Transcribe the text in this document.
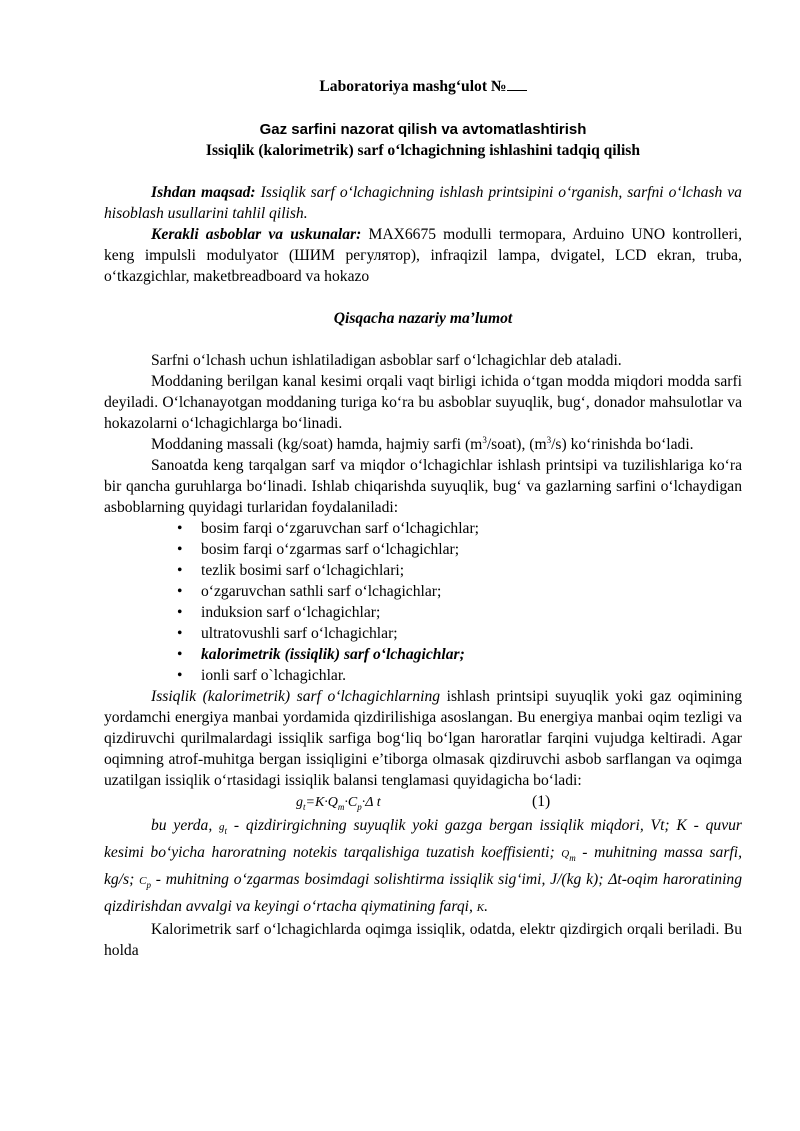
Laboratoriya mashg‘ulot №

Gaz sarfini nazorat qilish va avtomatlashtirish

Issiqlik (kalorimetrik) sarf o‘lchagichning ishlashini tadqiq qilish

Ishdan maqsad: Issiqlik sarf o‘lchagichning ishlash printsipini o‘rganish, sarfni o‘lchash va hisoblash usullarini tahlil qilish.

Kerakli asboblar va uskunalar: MAX6675 modulli termopara, Arduino UNO kontrolleri, keng impulsli modulyator (ШИМ регулятор), infraqizil lampa, dvigatel, LCD ekran, truba, o‘tkazgichlar, maketbreadboard va hokazo

Qisqacha nazariy ma’lumot

Sarfni o‘lchash uchun ishlatiladigan asboblar sarf o‘lchagichlar deb ataladi.

Moddaning berilgan kanal kesimi orqali vaqt birligi ichida o‘tgan modda miqdori modda sarfi deyiladi. O‘lchanayotgan moddaning turiga ko‘ra bu asboblar suyuqlik, bug‘, donador mahsulotlar va hokazolarni o‘lchagichlarga bo‘linadi.

Moddaning massali (kg/soat) hamda, hajmiy sarfi $(m^3/soat)$, $(m^3/s)$ ko‘rinishda bo‘ladi.

Sanoatda keng tarqalgan sarf va miqdor o‘lchagichlar ishlash printsipi va tuzilishlariga ko‘ra bir qancha guruhlarga bo‘linadi. Ishlab chiqarishda suyuqlik, bug‘ va gazlarning sarfini o‘lchaydigan asboblarning quyidagi turlaridan foydalaniladi:

• bosim farqi o‘zgaruvchan sarf o‘lchagichlar;
• bosim farqi o‘zgarmas sarf o‘lchagichlar;
• tezlik bosimi sarf o‘lchagichlari;
• o‘zgaruvchan sathli sarf o‘lchagichlar;
• induksion sarf o‘lchagichlar;
• ultratovushli sarf o‘lchagichlar;
• kalorimetrik (issiqlik) sarf o‘lchagichlar;
• ionli sarf o`lchagichlar.

Issiqlik (kalorimetrik) sarf o‘lchagichlarning ishlash printsipi suyuqlik yoki gaz oqimining yordamchi energiya manbai yordamida qizdirilishiga asoslangan. Bu energiya manbai oqim tezligi va qizdiruvchi qurilmalardagi issiqlik sarfiga bog‘liq bo‘lgan haroratlar farqini vujudga keltiradi. Agar oqimning atrof-muhitga bergan issiqligini e’tiborga olmasak qizdiruvchi asbob sarflangan va oqimga uzatilgan issiqlik o‘rtasidagi issiqlik balansi tenglamasi quyidagicha bo‘ladi:

$g_t=K\cdot Q_m\cdot C_p\cdot\Delta$ t	(1)

bu yerda, $g_t$ - qizdirirgichning suyuqlik yoki gazga bergan issiqlik miqdori, Vt; K - quvur kesimi bo‘yicha haroratning notekis tarqalishiga tuzatish koeffisienti; $Q_m$ - muhitning massa sarfi, kg/s; $C_p$ - muhitning o‘zgarmas bosimdagi solishtirma issiqlik sig‘imi, J/(kg k); Δt-oqim haroratining qizdirishdan avvalgi va keyingi o‘rtacha qiymatining farqi, K.

Kalorimetrik sarf o‘lchagichlarda oqimga issiqlik, odatda, elektr qizdirgich orqali beriladi. Bu holda
